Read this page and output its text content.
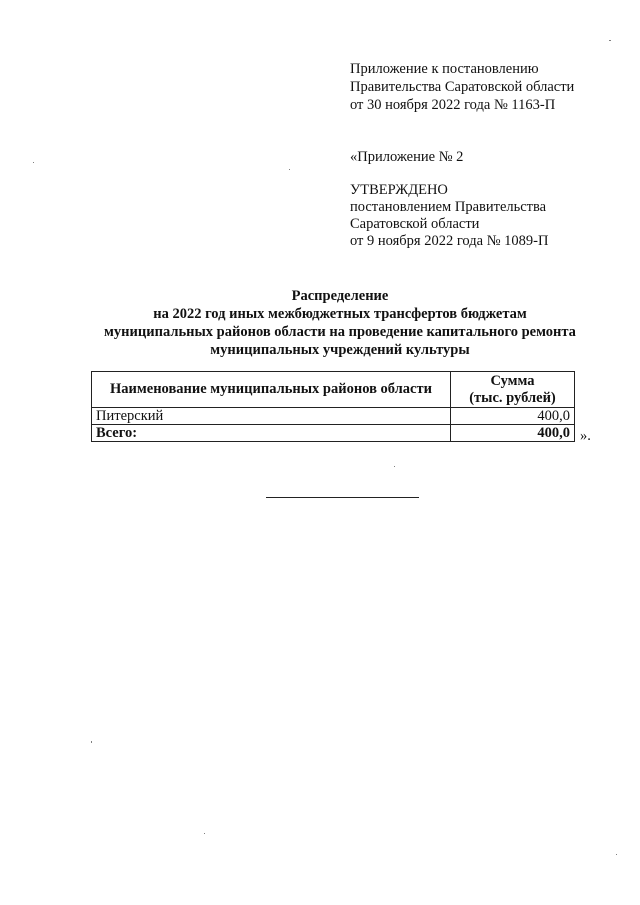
Приложение к постановлению
Правительства Саратовской области
от 30 ноября 2022 года № 1163-П
«Приложение № 2
УТВЕРЖДЕНО
постановлением Правительства
Саратовской области
от 9 ноября 2022 года № 1089-П
Распределение
на 2022 год иных межбюджетных трансфертов бюджетам
муниципальных районов области на проведение капитального ремонта
муниципальных учреждений культуры
Наименование муниципальных районов области	Сумма
(тыс. рублей)

Питерский	400,0
Всего:	400,0 ».
